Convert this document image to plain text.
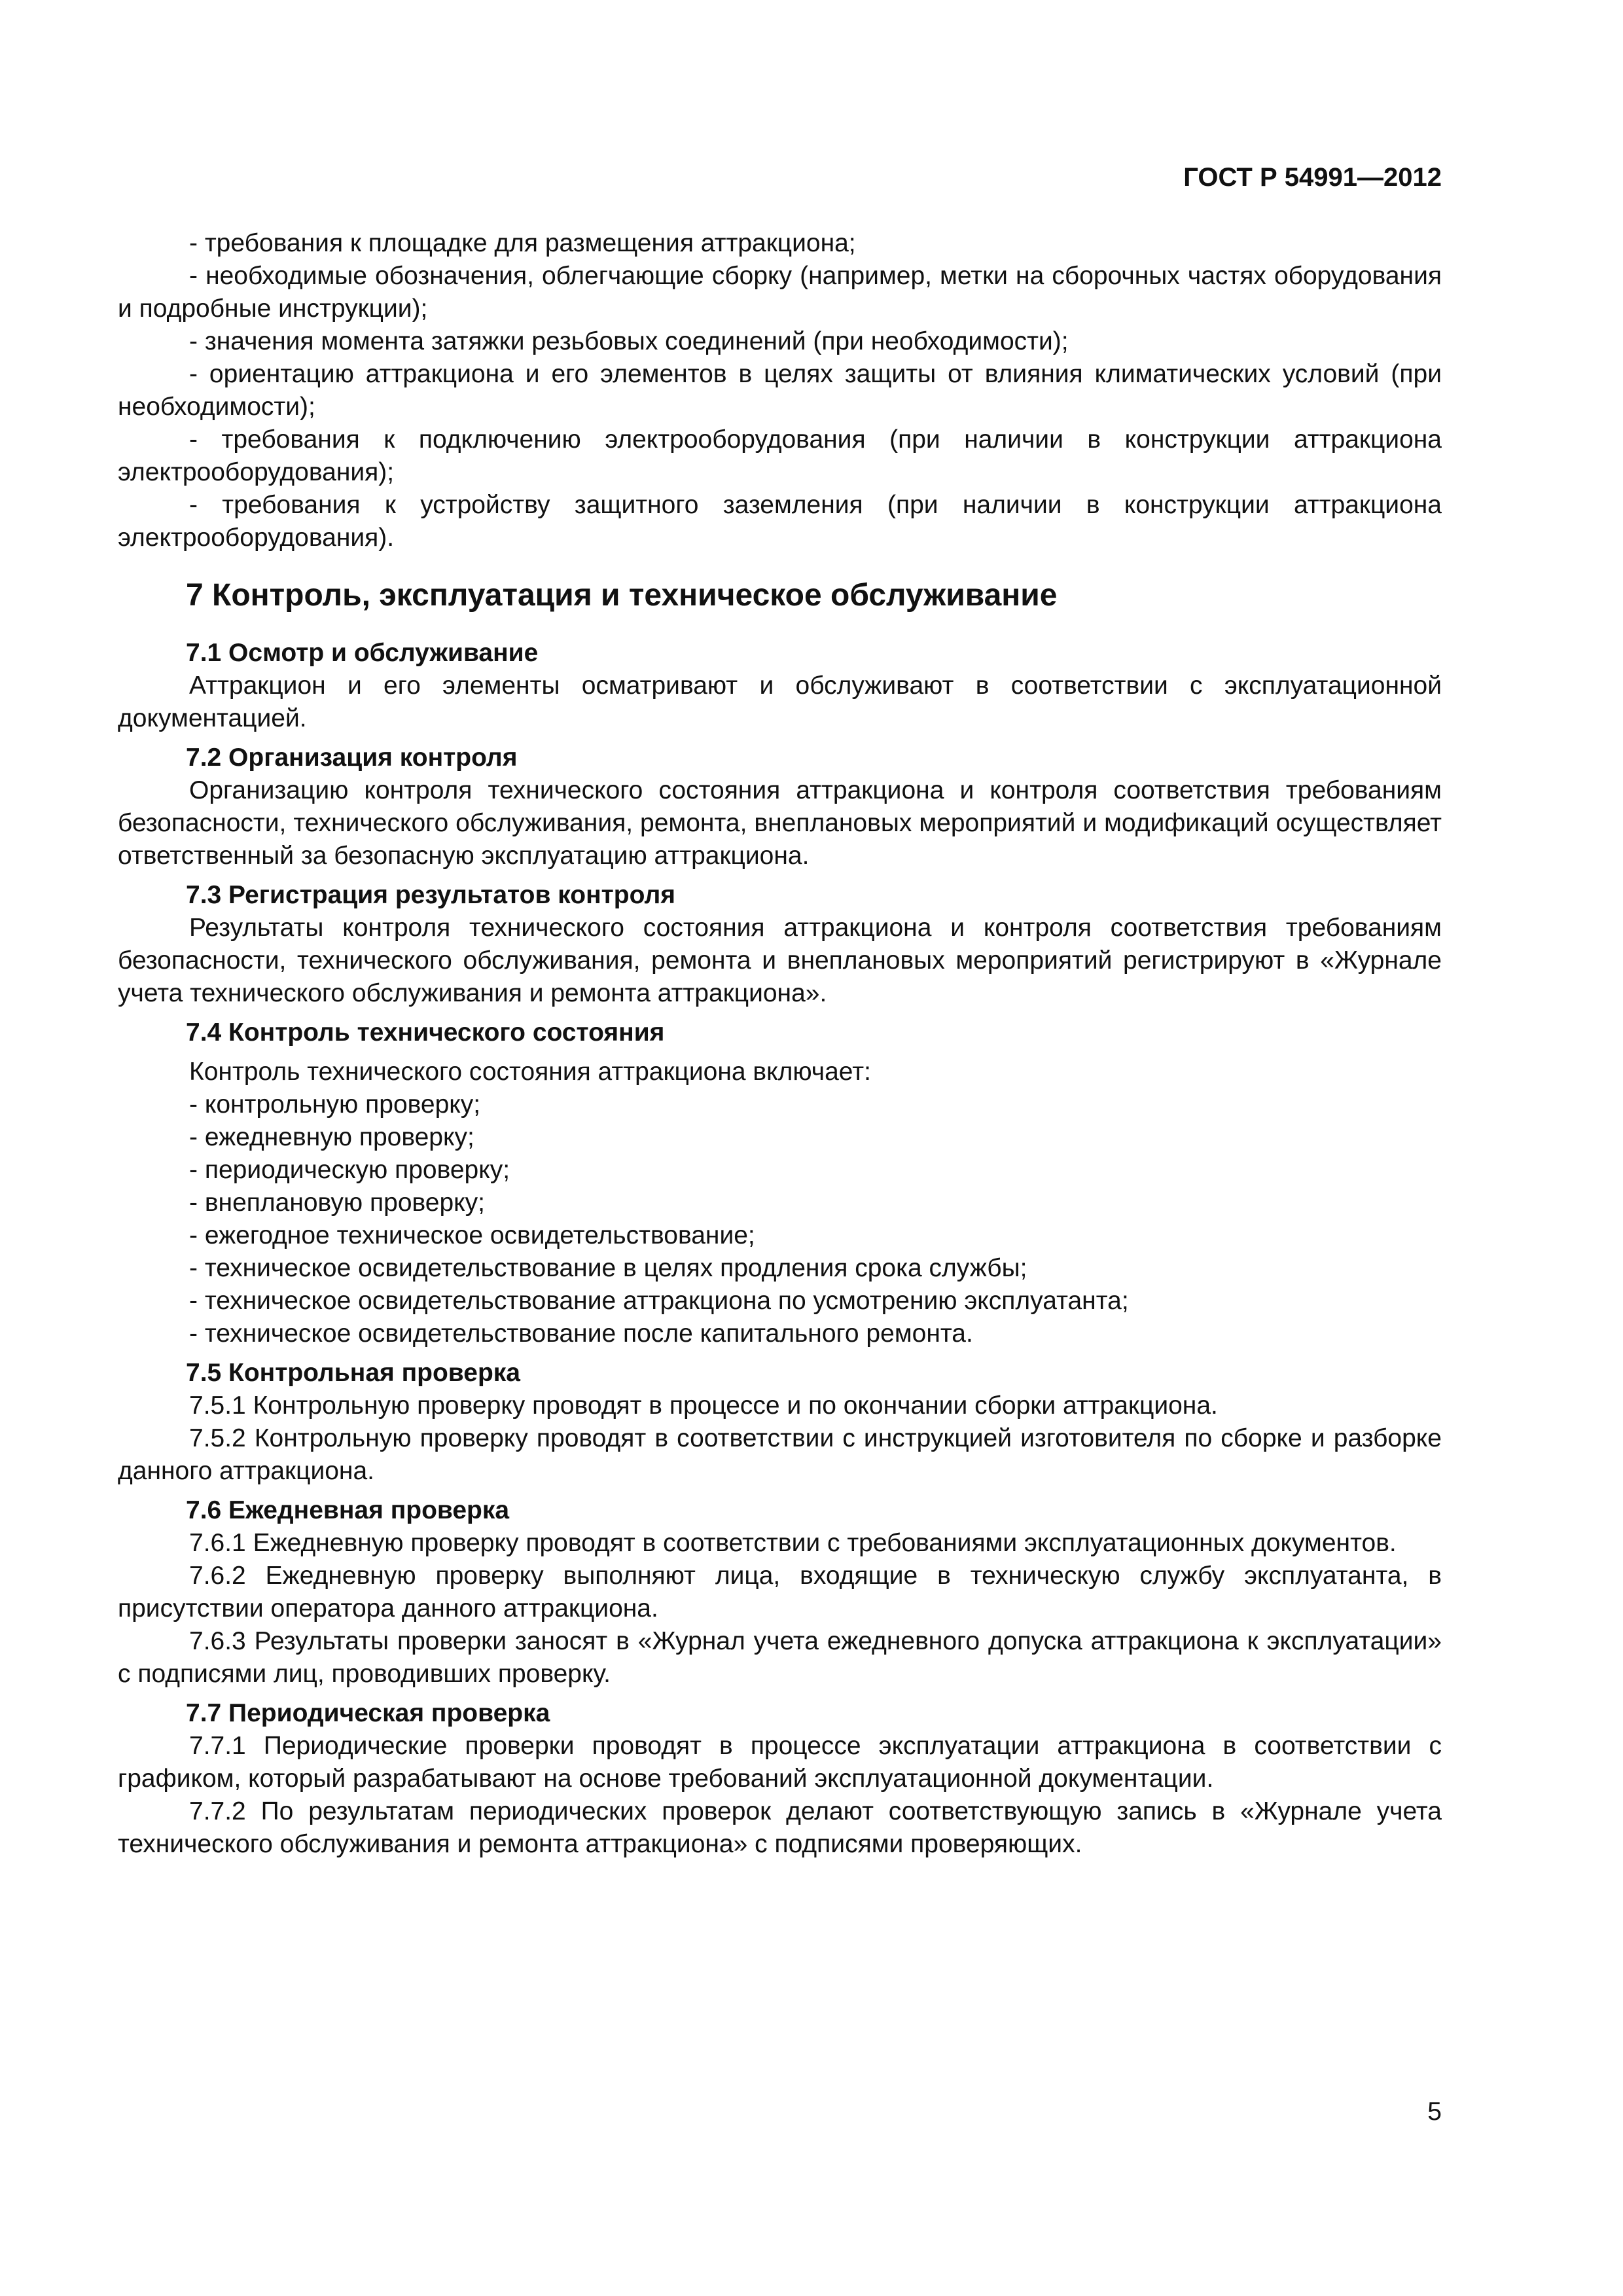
ГОСТ Р 54991—2012

- требования к площадке для размещения аттракциона;

- необходимые обозначения, облегчающие сборку (например, метки на сборочных частях оборудования и подробные инструкции);

- значения момента затяжки резьбовых соединений (при необходимости);

- ориентацию аттракциона и его элементов в целях защиты от влияния климатических условий (при необходимости);

- требования к подключению электрооборудования (при наличии в конструкции аттракциона электрооборудования);

- требования к устройству защитного заземления (при наличии в конструкции аттракциона электрооборудования).

7 Контроль, эксплуатация и техническое обслуживание
7.1 Осмотр и обслуживание

Аттракцион и его элементы осматривают и обслуживают в соответствии с эксплуатационной документацией.

7.2 Организация контроля

Организацию контроля технического состояния аттракциона и контроля соответствия требованиям безопасности, технического обслуживания, ремонта, внеплановых мероприятий и модификаций осуществляет ответственный за безопасную эксплуатацию аттракциона.

7.3 Регистрация результатов контроля

Результаты контроля технического состояния аттракциона и контроля соответствия требованиям безопасности, технического обслуживания, ремонта и внеплановых мероприятий регистрируют в «Журнале учета технического обслуживания и ремонта аттракциона».

7.4 Контроль технического состояния

Контроль технического состояния аттракциона включает:

- контрольную проверку;

- ежедневную проверку;

- периодическую проверку;

- внеплановую проверку;

- ежегодное техническое освидетельствование;

- техническое освидетельствование в целях продления срока службы;

- техническое освидетельствование аттракциона по усмотрению эксплуатанта;

- техническое освидетельствование после капитального ремонта.

7.5 Контрольная проверка

7.5.1 Контрольную проверку проводят в процессе и по окончании сборки аттракциона.

7.5.2 Контрольную проверку проводят в соответствии с инструкцией изготовителя по сборке и разборке данного аттракциона.

7.6 Ежедневная проверка

7.6.1 Ежедневную проверку проводят в соответствии с требованиями эксплуатационных документов.

7.6.2 Ежедневную проверку выполняют лица, входящие в техническую службу эксплуатанта, в присутствии оператора данного аттракциона.

7.6.3 Результаты проверки заносят в «Журнал учета ежедневного допуска аттракциона к эксплуатации» с подписями лиц, проводивших проверку.

7.7 Периодическая проверка

7.7.1 Периодические проверки проводят в процессе эксплуатации аттракциона в соответствии с графиком, который разрабатывают на основе требований эксплуатационной документации.

7.7.2 По результатам периодических проверок делают соответствующую запись в «Журнале учета технического обслуживания и ремонта аттракциона» с подписями проверяющих.

5
